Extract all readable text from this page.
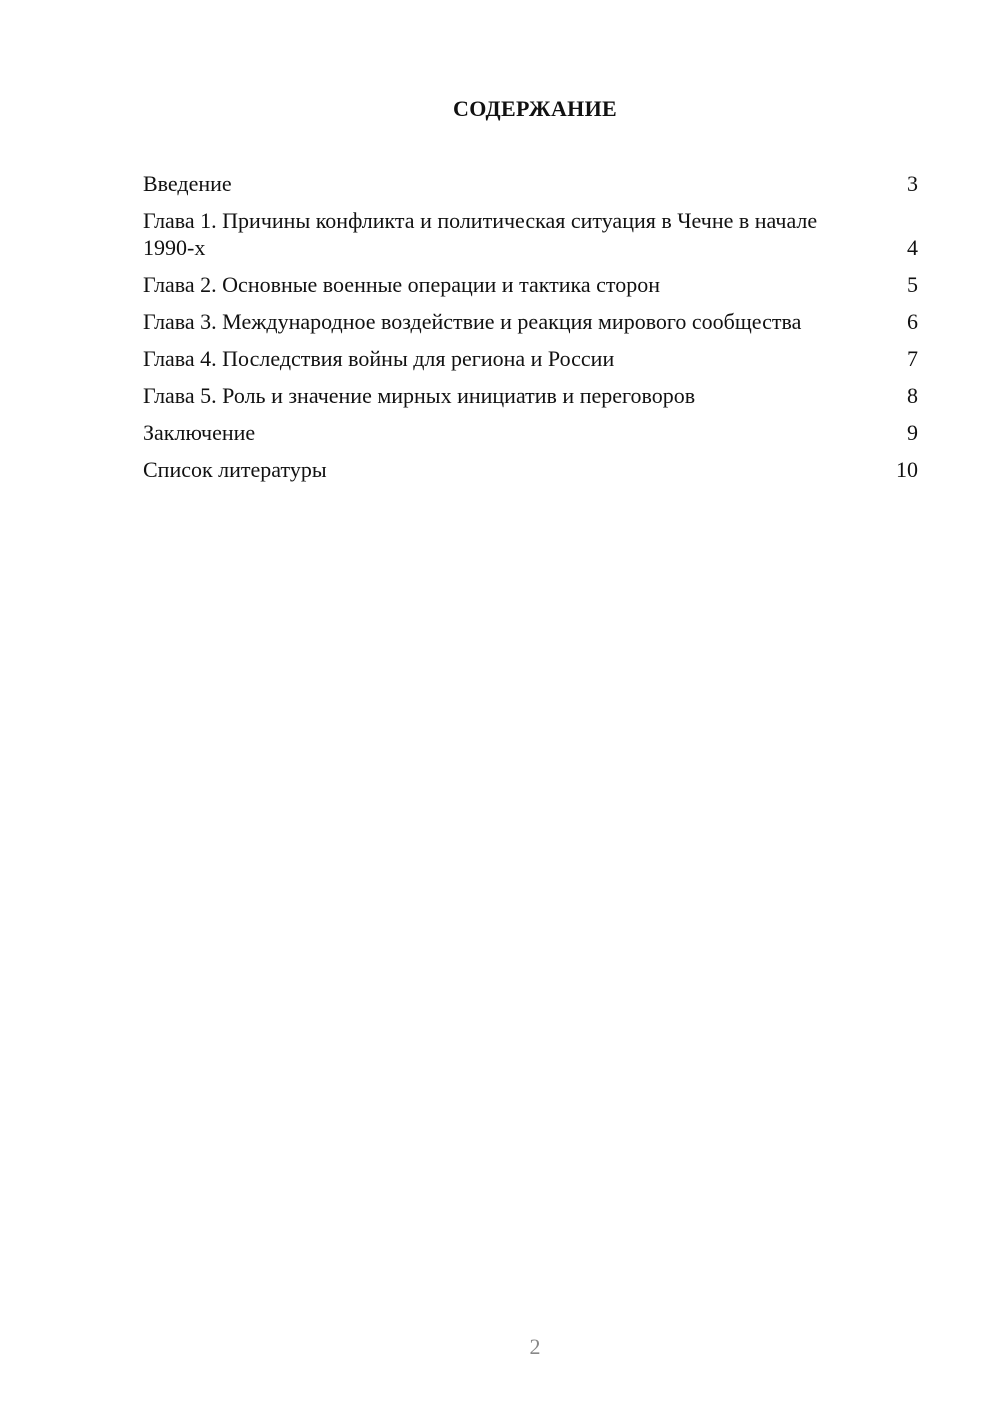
СОДЕРЖАНИЕ
Введение	3
Глава 1. Причины конфликта и политическая ситуация в Чечне в начале 1990-х	4
Глава 2. Основные военные операции и тактика сторон	5
Глава 3. Международное воздействие и реакция мирового сообщества	6
Глава 4. Последствия войны для региона и России	7
Глава 5. Роль и значение мирных инициатив и переговоров	8
Заключение	9
Список литературы	10
2
